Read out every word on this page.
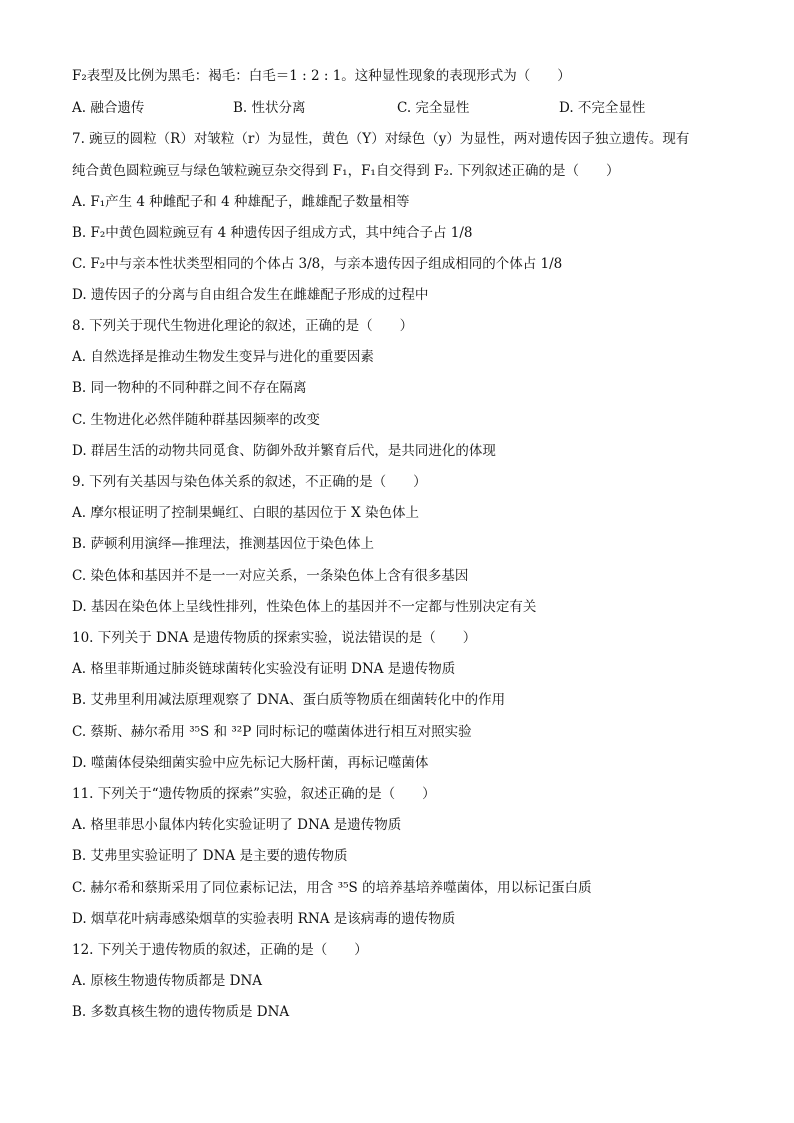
F₂表型及比例为黑毛：褐毛：白毛＝1 : 2 : 1。这种显性现象的表现形式为（　　）
A. 融合遗传	B. 性状分离	C. 完全显性	D. 不完全显性
7. 豌豆的圆粒（R）对皱粒（r）为显性，黄色（Y）对绿色（y）为显性，两对遗传因子独立遗传。现有
纯合黄色圆粒豌豆与绿色皱粒豌豆杂交得到 F₁，F₁自交得到 F₂. 下列叙述正确的是（　　）
A. F₁产生 4 种雌配子和 4 种雄配子，雌雄配子数量相等
B. F₂中黄色圆粒豌豆有 4 种遗传因子组成方式，其中纯合子占 1/8
C. F₂中与亲本性状类型相同的个体占 3/8，与亲本遗传因子组成相同的个体占 1/8
D. 遗传因子的分离与自由组合发生在雌雄配子形成的过程中
8. 下列关于现代生物进化理论的叙述，正确的是（　　）
A. 自然选择是推动生物发生变异与进化的重要因素
B. 同一物种的不同种群之间不存在隔离
C. 生物进化必然伴随种群基因频率的改变
D. 群居生活的动物共同觅食、防御外敌并繁育后代，是共同进化的体现
9. 下列有关基因与染色体关系的叙述，不正确的是（　　）
A. 摩尔根证明了控制果蝇红、白眼的基因位于 X 染色体上
B. 萨顿利用演绎—推理法，推测基因位于染色体上
C. 染色体和基因并不是一一对应关系，一条染色体上含有很多基因
D. 基因在染色体上呈线性排列，性染色体上的基因并不一定都与性别决定有关
10. 下列关于 DNA 是遗传物质的探索实验，说法错误的是（　　）
A. 格里菲斯通过肺炎链球菌转化实验没有证明 DNA 是遗传物质
B. 艾弗里利用减法原理观察了 DNA、蛋白质等物质在细菌转化中的作用
C. 蔡斯、赫尔希用 ³⁵S 和 ³²P 同时标记的噬菌体进行相互对照实验
D. 噬菌体侵染细菌实验中应先标记大肠杆菌，再标记噬菌体
11. 下列关于“遗传物质的探索”实验，叙述正确的是（　　）
A. 格里菲思小鼠体内转化实验证明了 DNA 是遗传物质
B. 艾弗里实验证明了 DNA 是主要的遗传物质
C. 赫尔希和蔡斯采用了同位素标记法，用含 ³⁵S 的培养基培养噬菌体，用以标记蛋白质
D. 烟草花叶病毒感染烟草的实验表明 RNA 是该病毒的遗传物质
12. 下列关于遗传物质的叙述，正确的是（　　）
A. 原核生物遗传物质都是 DNA
B. 多数真核生物的遗传物质是 DNA
